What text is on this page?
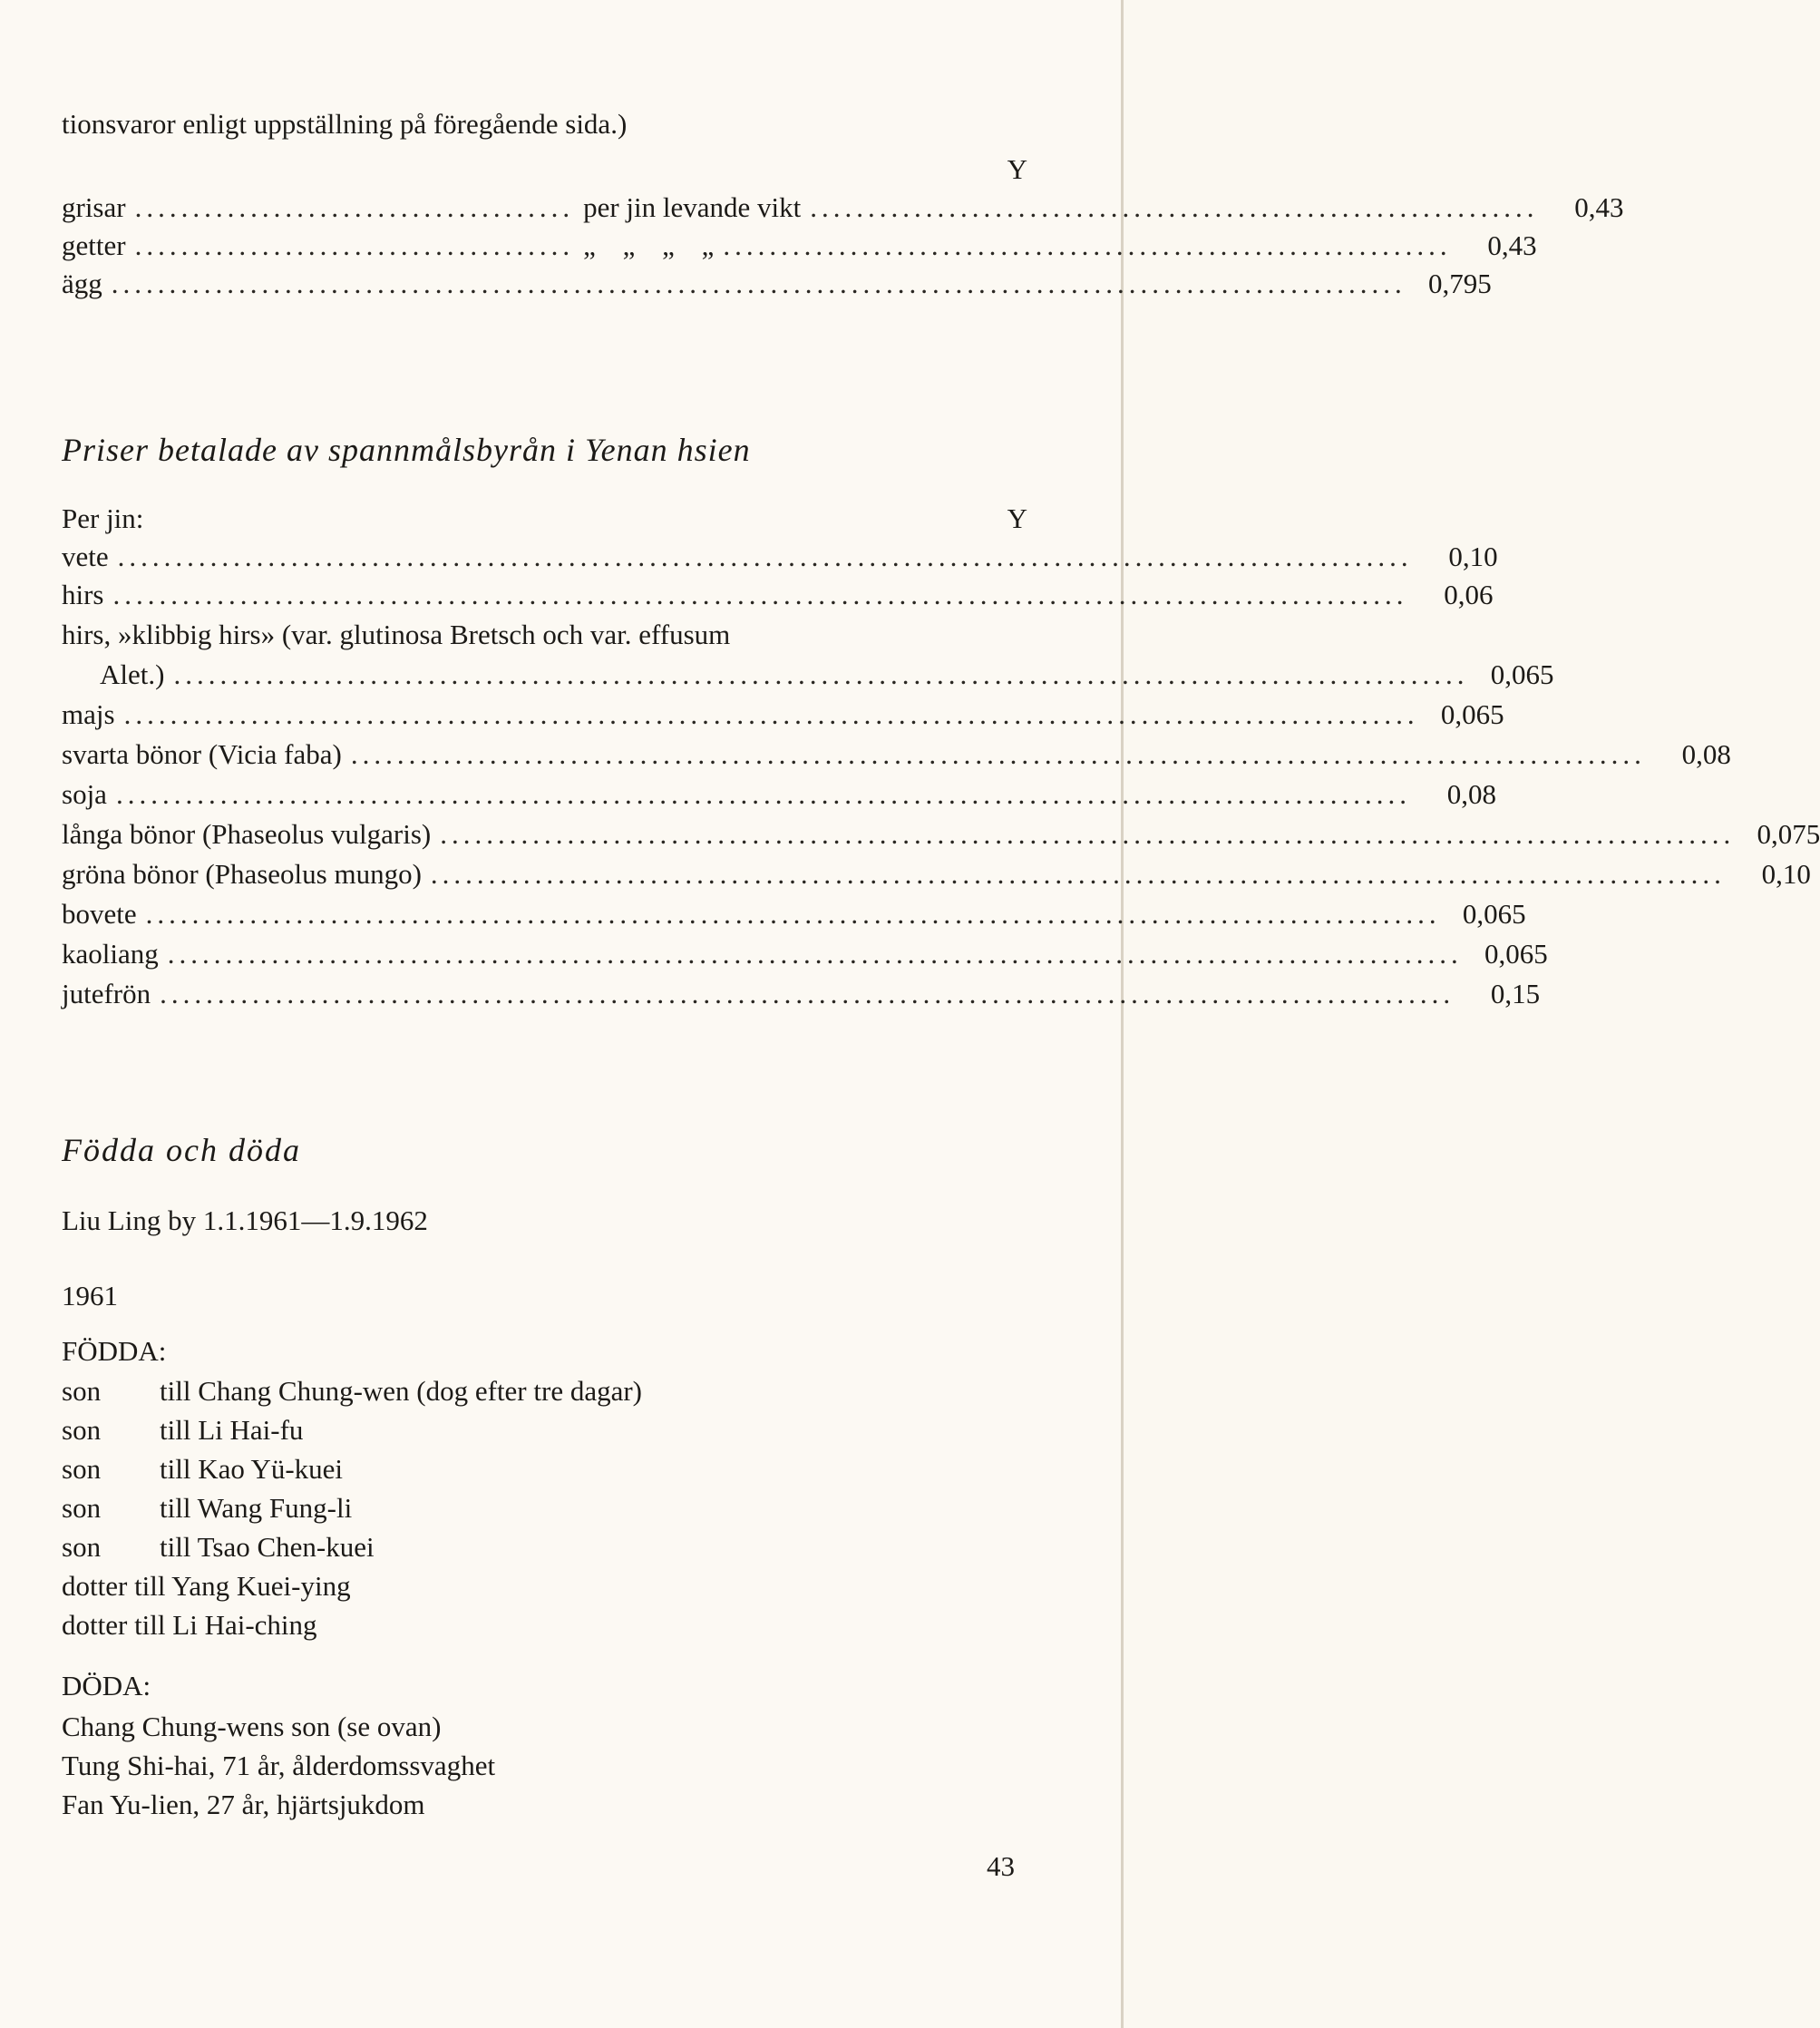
tionsvaror enligt uppställning på föregående sida.)
Y
grisar ...................................... per jin levande vikt ...............................................................	0,43
getter ...................................... „ „ „ „ ...............................................................	0,43
ägg ................................................................................................................ 0,795
Priser betalade av spannmålsbyrån i Yenan hsien
Per jin:	Y
vete ................................................................................................................	0,10
hirs ................................................................................................................	0,06
hirs, »klibbig hirs» (var. glutinosa Bretsch och var. effusum
Alet.) ................................................................................................................ 0,065
majs ................................................................................................................ 0,065
svarta bönor (Vicia faba) ................................................................................................................	0,08
soja ................................................................................................................	0,08
långa bönor (Phaseolus vulgaris) ................................................................................................................ 0,075
gröna bönor (Phaseolus mungo) ................................................................................................................	0,10
bovete ................................................................................................................ 0,065
kaoliang ................................................................................................................ 0,065
jutefrön ................................................................................................................	0,15
Födda och döda
Liu Ling by 1.1.1961—1.9.1962
1961
FÖDDA:
son till Chang Chung-wen (dog efter tre dagar)
son till Li Hai-fu
son till Kao Yü-kuei
son till Wang Fung-li
son till Tsao Chen-kuei
dotter till Yang Kuei-ying
dotter till Li Hai-ching
DÖDA:
Chang Chung-wens son (se ovan)
Tung Shi-hai, 71 år, ålderdomssvaghet
Fan Yu-lien, 27 år, hjärtsjukdom
43
